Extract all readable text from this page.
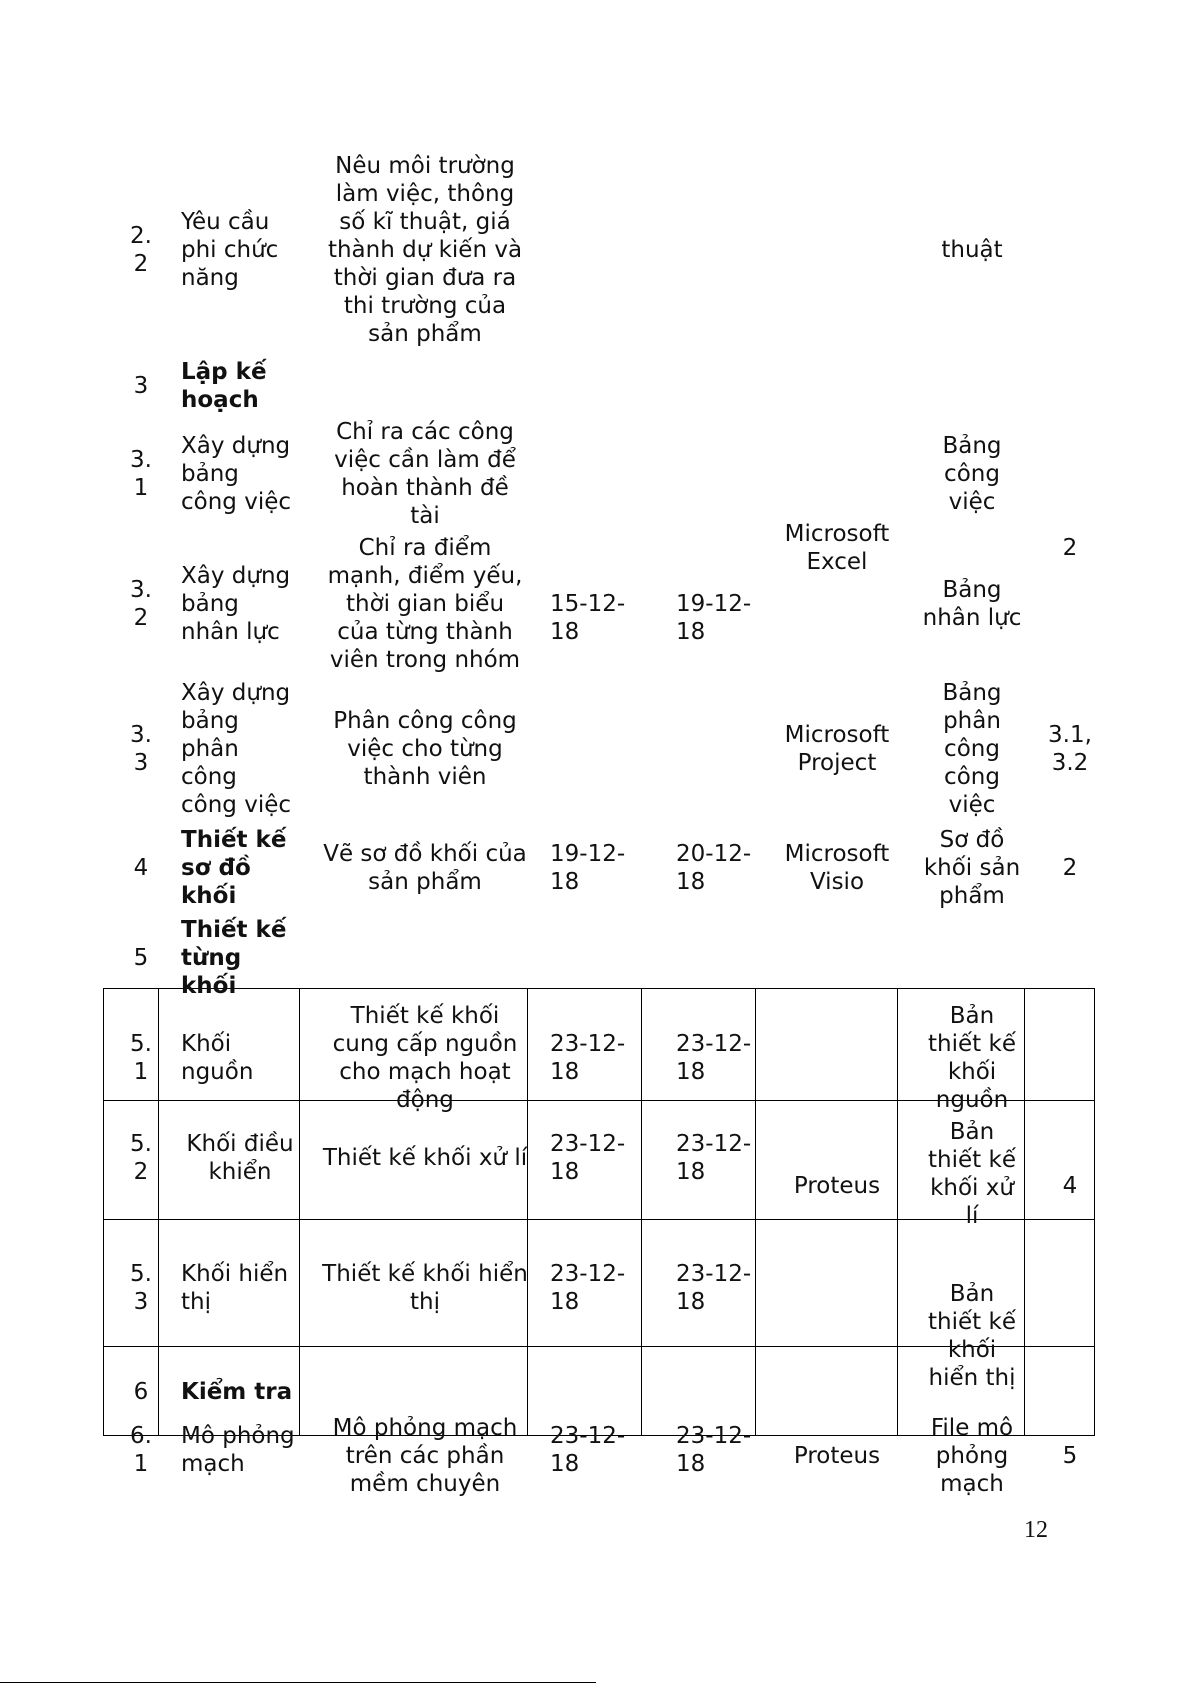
2.
2
Yêu cầu
phi chức
năng
Nêu môi trường
làm việc, thông
số kĩ thuật, giá
thành dự kiến và
thời gian đưa ra
thi trường của
sản phẩm
thuật
3
Lập kế
hoạch
3.
1
Xây dựng
bảng
công việc
Chỉ ra các công
việc cần làm để
hoàn thành đề
tài
Bảng
công
việc
Microsoft
Excel
2
3.
2
Xây dựng
bảng
nhân lực
Chỉ ra điểm
mạnh, điểm yếu,
thời gian biểu
của từng thành
viên trong nhóm
15-12-
18
19-12-
18
Bảng
nhân lực
3.
3
Xây dựng
bảng
phân
công
công việc
Phân công công
việc cho từng
thành viên
Microsoft
Project
Bảng
phân
công
công
việc
3.1,
3.2
4
Thiết kế
sơ đồ
khối
Vẽ sơ đồ khối của
sản phẩm
19-12-
18
20-12-
18
Microsoft
Visio
Sơ đồ
khối sản
phẩm
2
5
Thiết kế
từng
khối
5.
1
Khối
nguồn
Thiết kế khối
cung cấp nguồn
cho mạch hoạt
động
23-12-
18
23-12-
18
Bản
thiết kế
khối
nguồn
5.
2
Khối điều
khiển
Thiết kế khối xử lí
23-12-
18
23-12-
18
Proteus
Bản
thiết kế
khối xử
lí
4
5.
3
Khối hiển
thị
Thiết kế khối hiển
thị
23-12-
18
23-12-
18	Bản
thiết kế
khối
hiển thị
6 Kiểm tra
6.
1
Mô phỏng
mạch
Mô phỏng mạch
trên các phần
mềm chuyên
23-12-
18
23-12-
18	Proteus
File mô
phỏng
mạch
5
12
